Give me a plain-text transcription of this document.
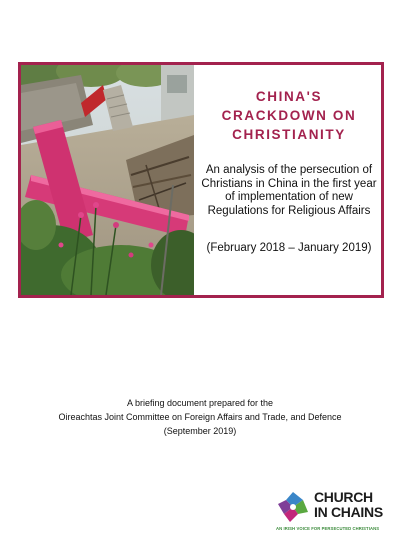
CHINA'S CRACKDOWN ON CHRISTIANITY
An analysis of the persecution of Christians in China in the first year of implementation of new Regulations for Religious Affairs
(February 2018 – January 2019)
A briefing document prepared for the
Oireachtas Joint Committee on Foreign Affairs and Trade, and Defence
(September 2019)
CHURCH
IN CHAINS
AN IRISH VOICE FOR PERSECUTED CHRISTIANS
